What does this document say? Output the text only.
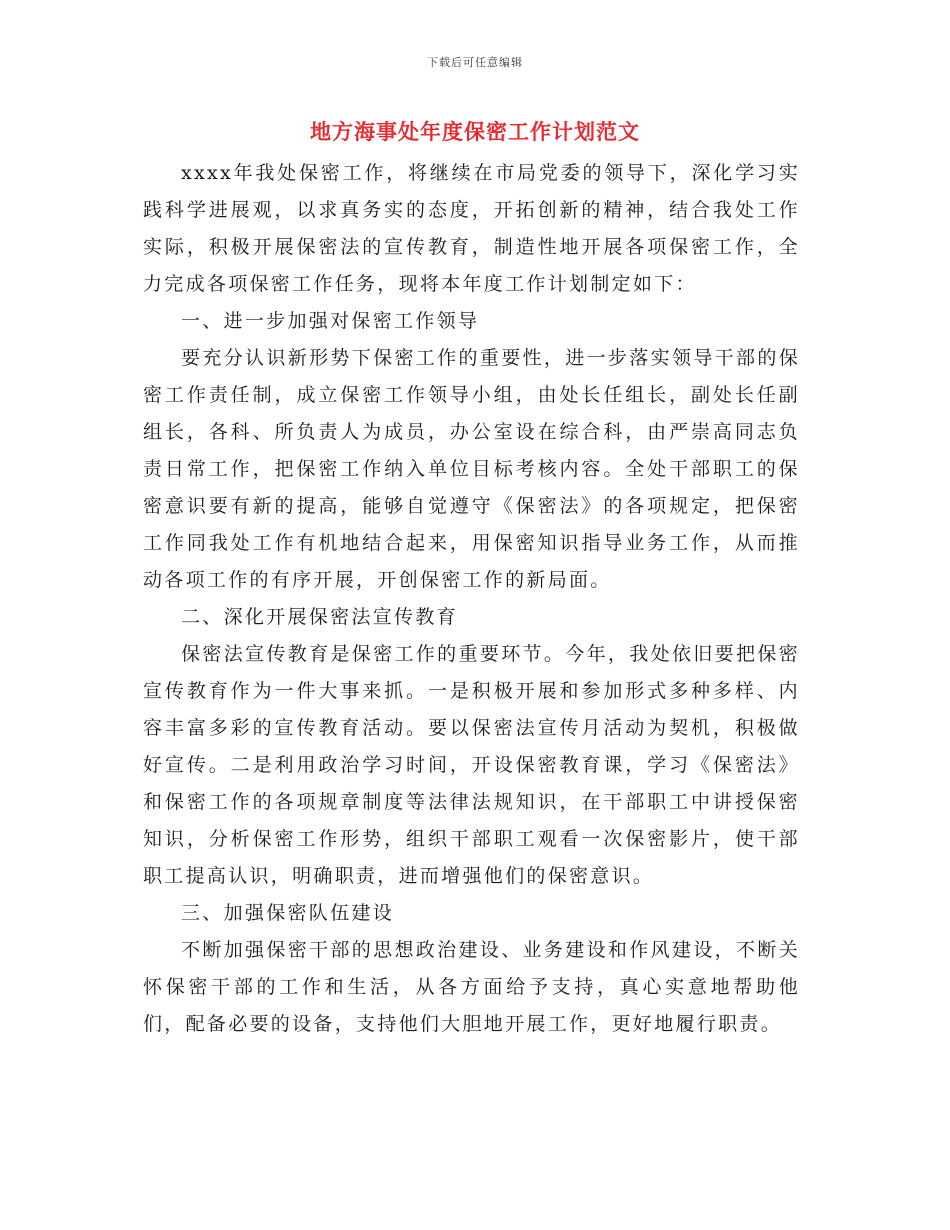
下载后可任意编辑
地方海事处年度保密工作计划范文

xxxx年我处保密工作，将继续在市局党委的领导下，深化学习实践科学进展观，以求真务实的态度，开拓创新的精神，结合我处工作实际，积极开展保密法的宣传教育，制造性地开展各项保密工作，全力完成各项保密工作任务，现将本年度工作计划制定如下：

一、进一步加强对保密工作领导

要充分认识新形势下保密工作的重要性，进一步落实领导干部的保密工作责任制，成立保密工作领导小组，由处长任组长，副处长任副组长，各科、所负责人为成员，办公室设在综合科，由严崇高同志负责日常工作，把保密工作纳入单位目标考核内容。全处干部职工的保密意识要有新的提高，能够自觉遵守《保密法》的各项规定，把保密工作同我处工作有机地结合起来，用保密知识指导业务工作，从而推动各项工作的有序开展，开创保密工作的新局面。

二、深化开展保密法宣传教育

保密法宣传教育是保密工作的重要环节。今年，我处依旧要把保密宣传教育作为一件大事来抓。一是积极开展和参加形式多种多样、内容丰富多彩的宣传教育活动。要以保密法宣传月活动为契机，积极做好宣传。二是利用政治学习时间，开设保密教育课，学习《保密法》和保密工作的各项规章制度等法律法规知识，在干部职工中讲授保密知识，分析保密工作形势，组织干部职工观看一次保密影片，使干部职工提高认识，明确职责，进而增强他们的保密意识。

三、加强保密队伍建设

不断加强保密干部的思想政治建设、业务建设和作风建设，不断关怀保密干部的工作和生活，从各方面给予支持，真心实意地帮助他们，配备必要的设备，支持他们大胆地开展工作，更好地履行职责。
